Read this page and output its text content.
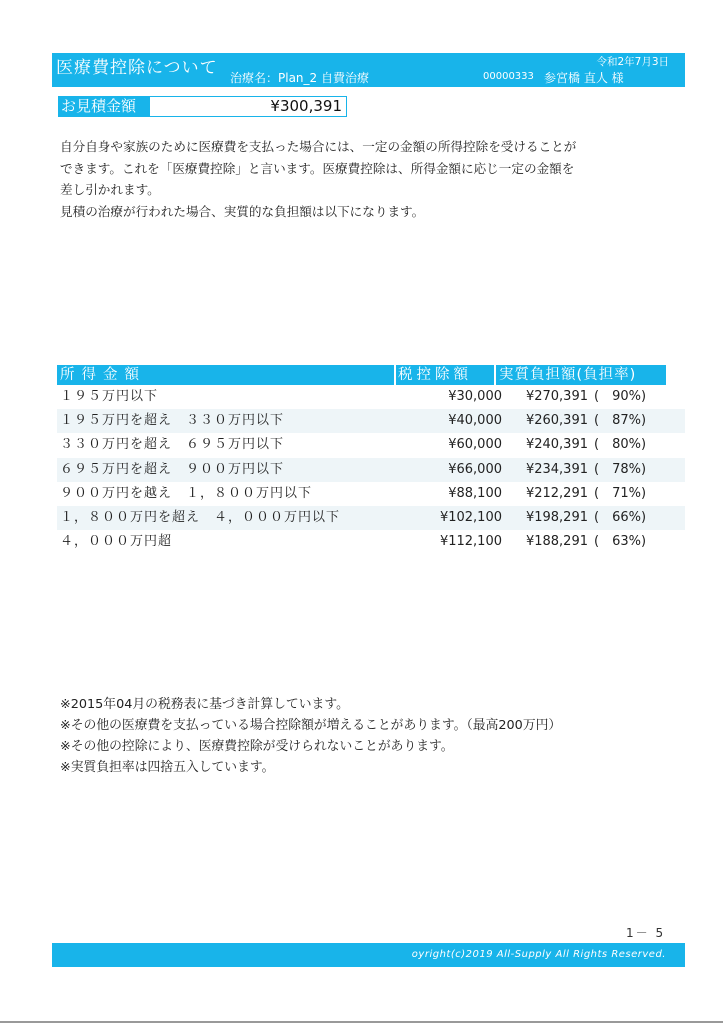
医療費控除について 治療名：Plan_2 自費治療	00000333 参宮橋 直人 様
令和2年7月3日
お見積金額	¥300,391

自分自身や家族のために医療費を支払った場合には、一定の金額の所得控除を受けることが

できます。これを「医療費控除」と言います。医療費控除は、所得金額に応じ一定の金額を

差し引かれます。

見積の治療が行われた場合、実質的な負担額は以下になります。

所得金額	税控除額	実質負担額(負担率)
１９５万円以下	¥30,000	¥270,391 (　90%)
１９５万円を超え　３３０万円以下	¥40,000	¥260,391 (　87%)
３３０万円を超え　６９５万円以下	¥60,000	¥240,391 (　80%)
６９５万円を超え　９００万円以下	¥66,000	¥234,391 (　78%)
９００万円を越え　１，８００万円以下	¥88,100	¥212,291 (　71%)
１，８００万円を超え　４，０００万円以下	¥102,100	¥198,291 (　66%)
４，０００万円超	¥112,100	¥188,291 (　63%)

※2015年04月の税務表に基づき計算しています。

※その他の医療費を支払っている場合控除額が増えることがあります。（最高200万円）

※その他の控除により、医療費控除が受けられないことがあります。

※実質負担率は四捨五入しています。

1－ 5
oyright(c)2019 All-Supply All Rights Reserved.
